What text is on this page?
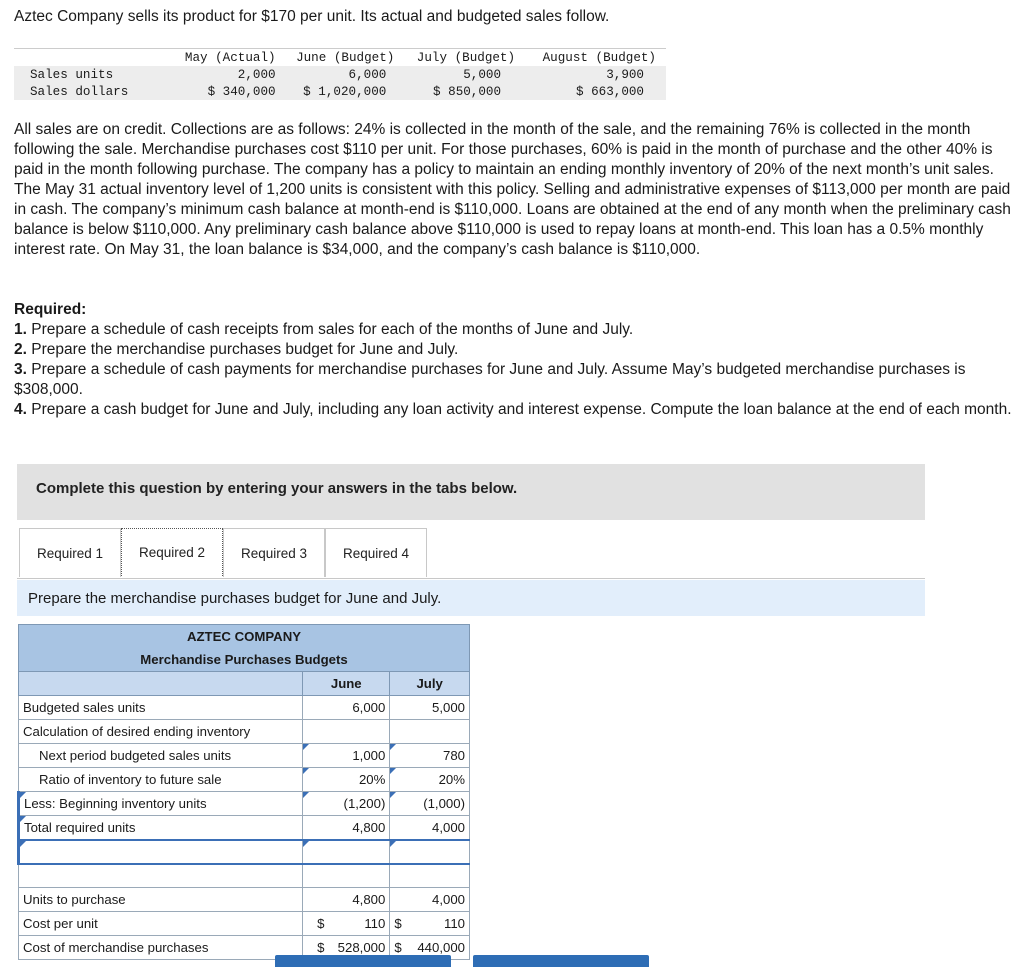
Aztec Company sells its product for $170 per unit. Its actual and budgeted sales follow.
	May (Actual)	June (Budget)	July (Budget)	August (Budget)
Sales units	2,000	6,000	5,000	3,900
Sales dollars	$ 340,000	$ 1,020,000	$ 850,000	$ 663,000
All sales are on credit. Collections are as follows: 24% is collected in the month of the sale, and the remaining 76% is collected in the month following the sale. Merchandise purchases cost $110 per unit. For those purchases, 60% is paid in the month of purchase and the other 40% is paid in the month following purchase. The company has a policy to maintain an ending monthly inventory of 20% of the next month’s unit sales. The May 31 actual inventory level of 1,200 units is consistent with this policy. Selling and administrative expenses of $113,000 per month are paid in cash. The company’s minimum cash balance at month-end is $110,000. Loans are obtained at the end of any month when the preliminary cash balance is below $110,000. Any preliminary cash balance above $110,000 is used to repay loans at month-end. This loan has a 0.5% monthly interest rate. On May 31, the loan balance is $34,000, and the company’s cash balance is $110,000.
Required:
1. Prepare a schedule of cash receipts from sales for each of the months of June and July.
2. Prepare the merchandise purchases budget for June and July.
3. Prepare a schedule of cash payments for merchandise purchases for June and July. Assume May’s budgeted merchandise purchases is $308,000.
4. Prepare a cash budget for June and July, including any loan activity and interest expense. Compute the loan balance at the end of each month.
Complete this question by entering your answers in the tabs below.
Required 1	Required 2	Required 3	Required 4
Prepare the merchandise purchases budget for June and July.
AZTEC COMPANY		
Merchandise Purchases Budgets		
	June	July
Budgeted sales units	6,000	5,000
Calculation of desired ending inventory		
Next period budgeted sales units	1,000	780
Ratio of inventory to future sale	20%	20%
Less: Beginning inventory units	(1,200)	(1,000)
Total required units	4,800	4,000

Units to purchase	4,800	4,000
Cost per unit	$ 110	$ 110
Cost of merchandise purchases	$ 528,000	$ 440,000
